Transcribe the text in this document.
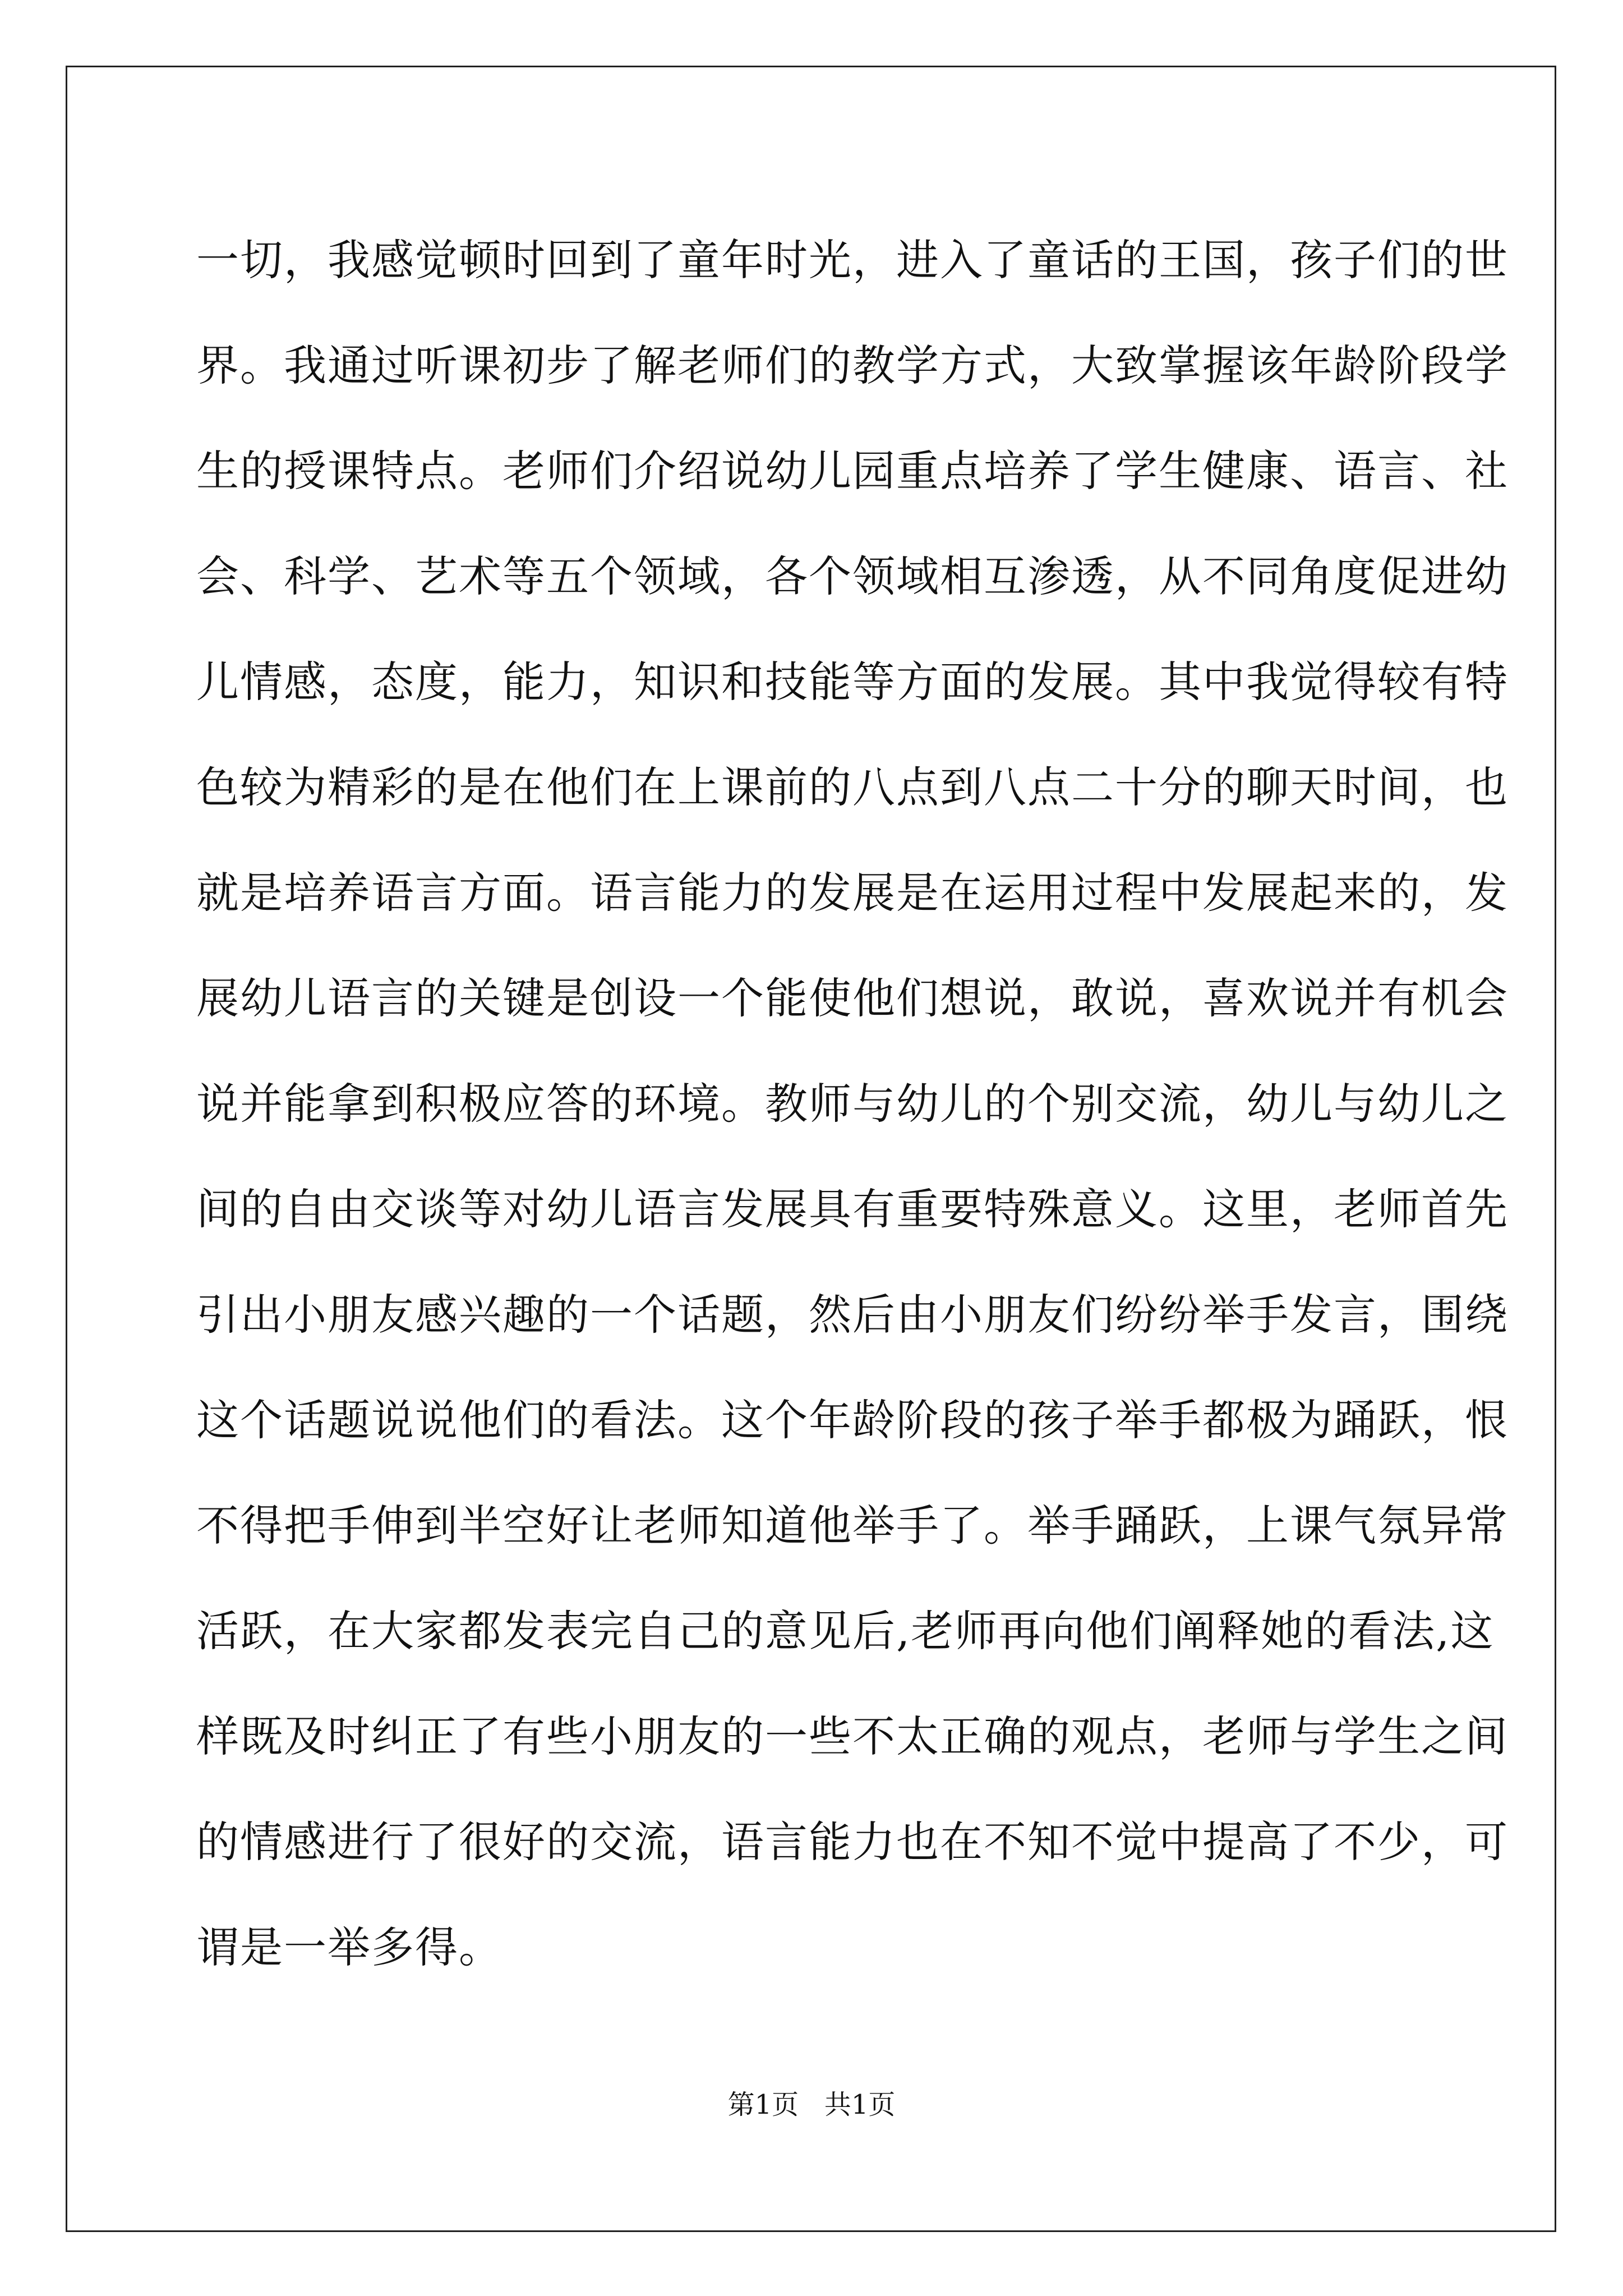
一切，我感觉顿时回到了童年时光，进入了童话的王国，孩子们的世
界。我通过听课初步了解老师们的教学方式，大致掌握该年龄阶段学
生的授课特点。老师们介绍说幼儿园重点培养了学生健康、语言、社
会、科学、艺术等五个领域，各个领域相互渗透，从不同角度促进幼
儿情感，态度，能力，知识和技能等方面的发展。其中我觉得较有特
色较为精彩的是在他们在上课前的八点到八点二十分的聊天时间，也
就是培养语言方面。语言能力的发展是在运用过程中发展起来的，发
展幼儿语言的关键是创设一个能使他们想说，敢说，喜欢说并有机会
说并能拿到积极应答的环境。教师与幼儿的个别交流，幼儿与幼儿之
间的自由交谈等对幼儿语言发展具有重要特殊意义。这里，老师首先
引出小朋友感兴趣的一个话题，然后由小朋友们纷纷举手发言，围绕
这个话题说说他们的看法。这个年龄阶段的孩子举手都极为踊跃，恨
不得把手伸到半空好让老师知道他举手了。举手踊跃，上课气氛异常
活跃，在大家都发表完自己的意见后,老师再向他们阐释她的看法,这
样既及时纠正了有些小朋友的一些不太正确的观点，老师与学生之间
的情感进行了很好的交流，语言能力也在不知不觉中提高了不少，可
谓是一举多得。
第1页   共1页
